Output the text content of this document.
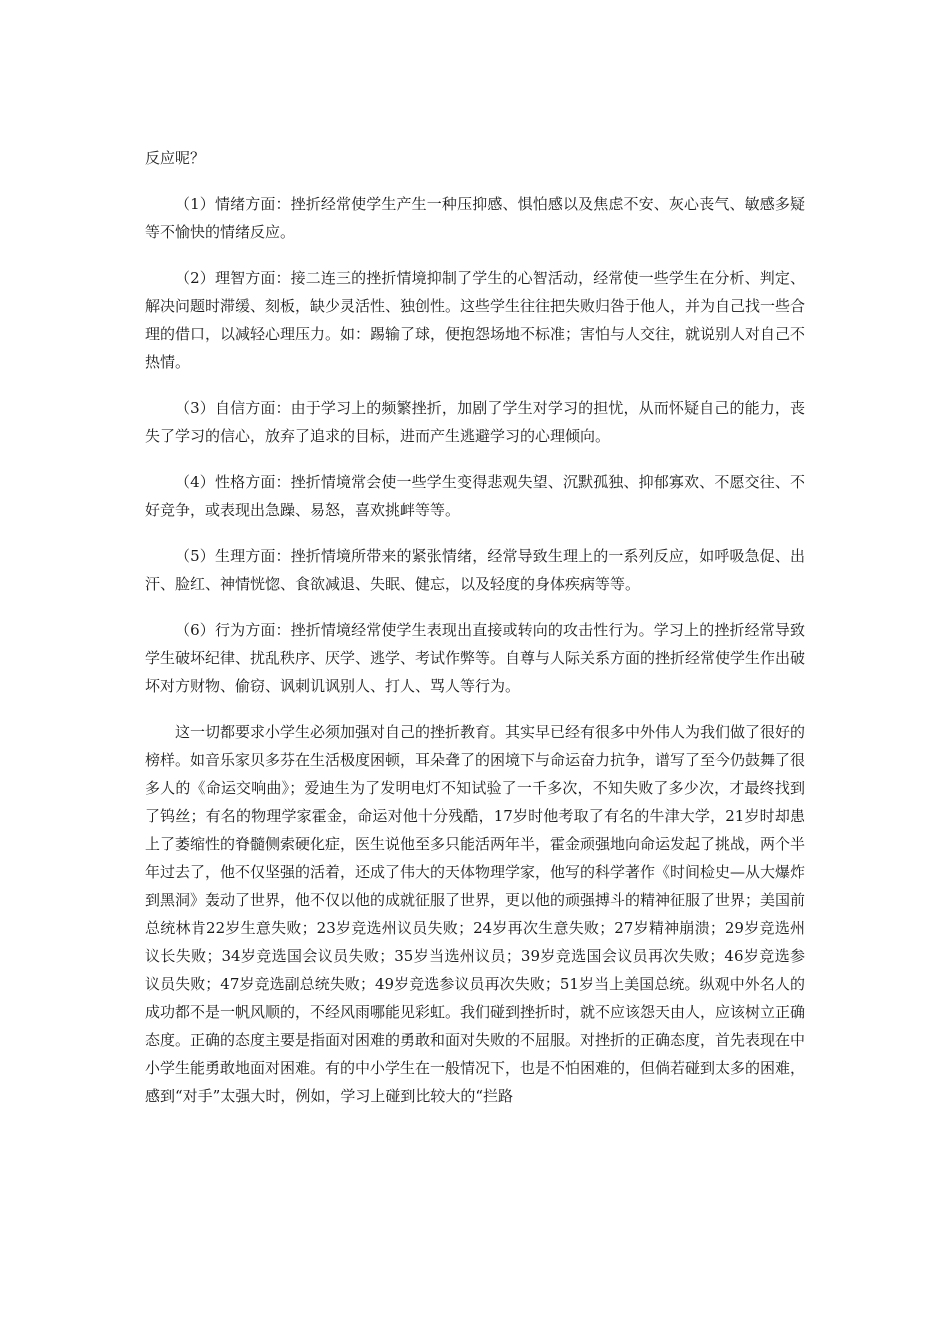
反应呢？

（1）情绪方面：挫折经常使学生产生一种压抑感、惧怕感以及焦虑不安、灰心丧气、敏感多疑等不愉快的情绪反应。

（2）理智方面：接二连三的挫折情境抑制了学生的心智活动，经常使一些学生在分析、判定、解决问题时滞缓、刻板，缺少灵活性、独创性。这些学生往往把失败归咎于他人，并为自己找一些合理的借口，以减轻心理压力。如：踢输了球，便抱怨场地不标准；害怕与人交往，就说别人对自己不热情。

（3）自信方面：由于学习上的频繁挫折，加剧了学生对学习的担忧，从而怀疑自己的能力，丧失了学习的信心，放弃了追求的目标，进而产生逃避学习的心理倾向。

（4）性格方面：挫折情境常会使一些学生变得悲观失望、沉默孤独、抑郁寡欢、不愿交往、不好竞争，或表现出急躁、易怒，喜欢挑衅等等。

（5）生理方面：挫折情境所带来的紧张情绪，经常导致生理上的一系列反应，如呼吸急促、出汗、脸红、神情恍惚、食欲减退、失眠、健忘，以及轻度的身体疾病等等。

（6）行为方面：挫折情境经常使学生表现出直接或转向的攻击性行为。学习上的挫折经常导致学生破坏纪律、扰乱秩序、厌学、逃学、考试作弊等。自尊与人际关系方面的挫折经常使学生作出破坏对方财物、偷窃、讽刺讥讽别人、打人、骂人等行为。

这一切都要求小学生必须加强对自己的挫折教育。其实早已经有很多中外伟人为我们做了很好的榜样。如音乐家贝多芬在生活极度困顿，耳朵聋了的困境下与命运奋力抗争，谱写了至今仍鼓舞了很多人的《命运交响曲》；爱迪生为了发明电灯不知试验了一千多次，不知失败了多少次，才最终找到了钨丝；有名的物理学家霍金，命运对他十分残酷，17岁时他考取了有名的牛津大学，21岁时却患上了萎缩性的脊髓侧索硬化症，医生说他至多只能活两年半，霍金顽强地向命运发起了挑战，两个半年过去了，他不仅坚强的活着，还成了伟大的天体物理学家，他写的科学著作《时间检史—从大爆炸到黑洞》轰动了世界，他不仅以他的成就征服了世界，更以他的顽强搏斗的精神征服了世界；美国前总统林肯22岁生意失败；23岁竞选州议员失败；24岁再次生意失败；27岁精神崩溃；29岁竞选州议长失败；34岁竞选国会议员失败；35岁当选州议员；39岁竞选国会议员再次失败；46岁竞选参议员失败；47岁竞选副总统失败；49岁竞选参议员再次失败；51岁当上美国总统。纵观中外名人的成功都不是一帆风顺的，不经风雨哪能见彩虹。我们碰到挫折时，就不应该怨天由人，应该树立正确态度。正确的态度主要是指面对困难的勇敢和面对失败的不屈服。对挫折的正确态度，首先表现在中小学生能勇敢地面对困难。有的中小学生在一般情况下，也是不怕困难的，但倘若碰到太多的困难，感到“对手”太强大时，例如，学习上碰到比较大的“拦路
